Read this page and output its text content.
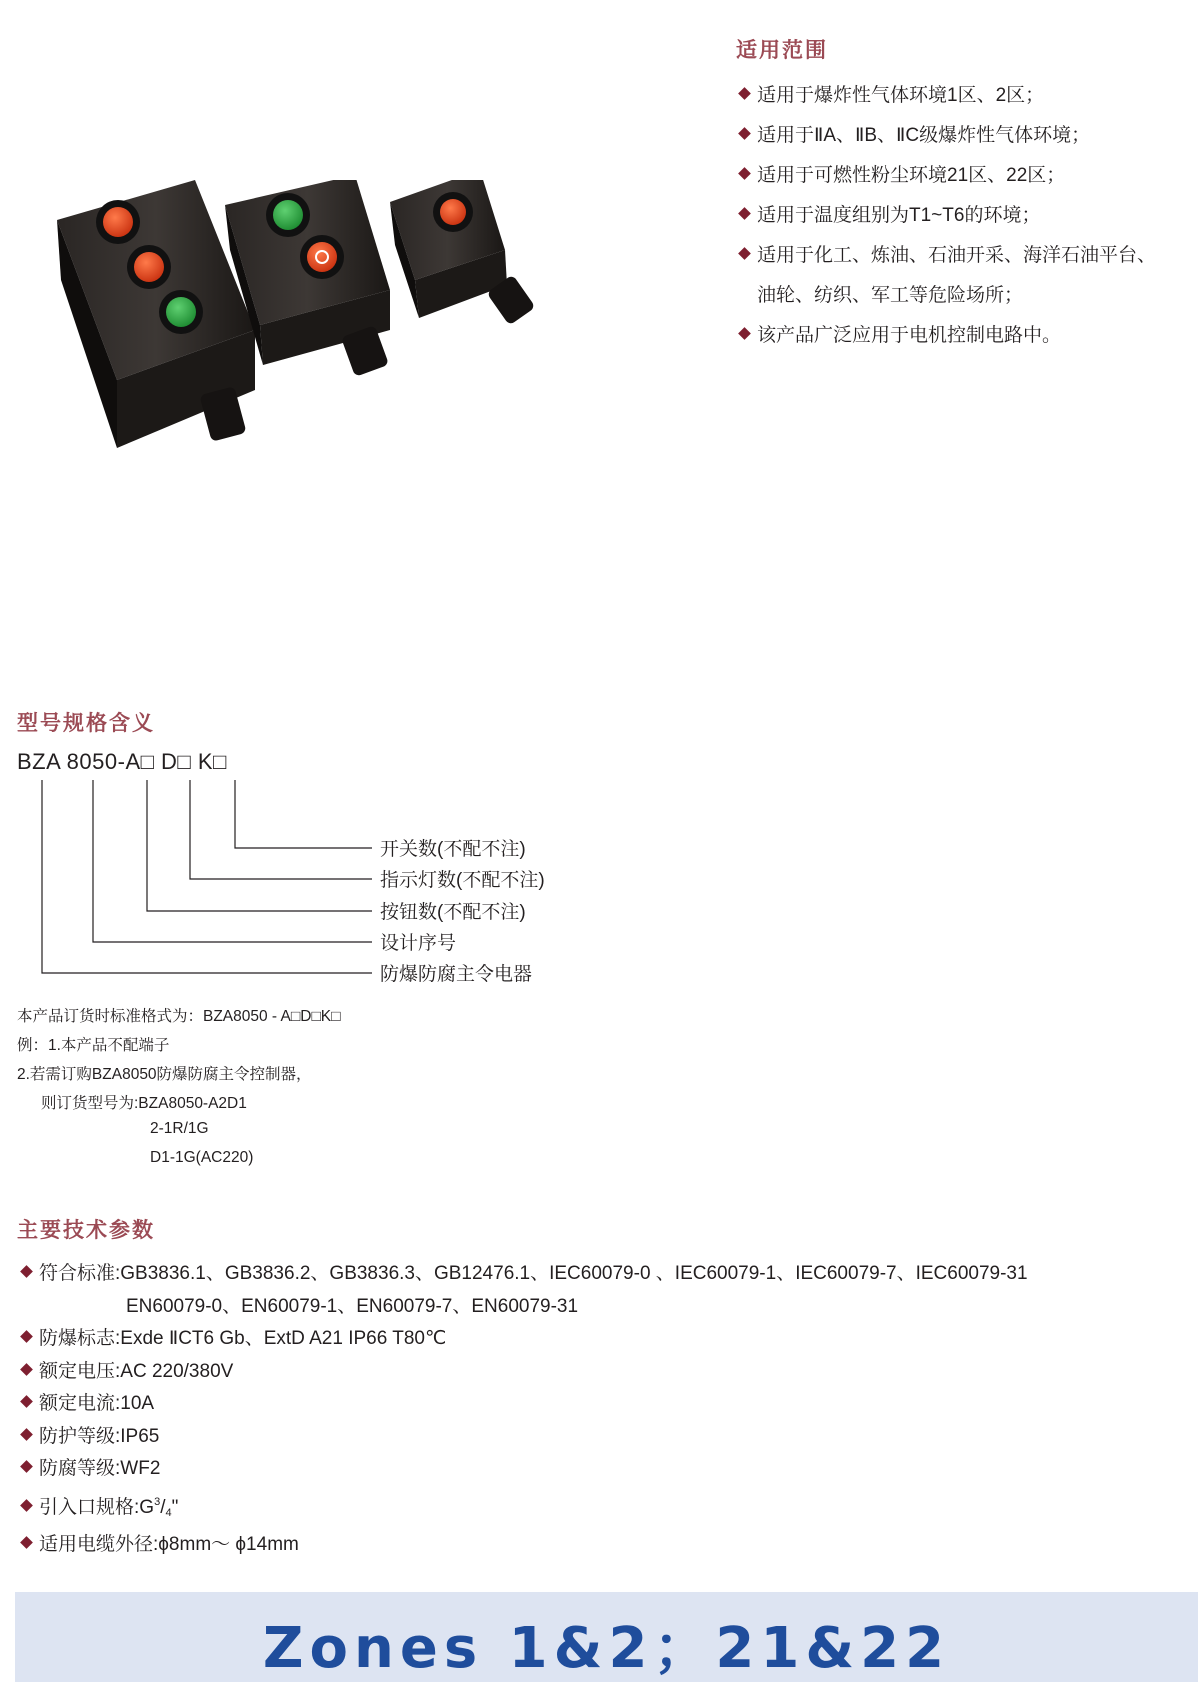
适用范围
适用于爆炸性气体环境1区、2区；
适用于ⅡA、ⅡB、ⅡC级爆炸性气体环境；
适用于可燃性粉尘环境21区、22区；
适用于温度组别为T1~T6的环境；
适用于化工、炼油、石油开采、海洋石油平台、
油轮、纺织、军工等危险场所；
该产品广泛应用于电机控制电路中。
型号规格含义
BZA 8050-A□ D□ K□
开关数(不配不注)
指示灯数(不配不注)
按钮数(不配不注)
设计序号
防爆防腐主令电器
本产品订货时标准格式为：BZA8050 - A□D□K□
例：1.本产品不配端子
2.若需订购BZA8050防爆防腐主令控制器，
则订货型号为:BZA8050-A2D1
2-1R/1G
D1-1G(AC220)
主要技术参数
符合标准:GB3836.1、GB3836.2、GB3836.3、GB12476.1、IEC60079-0 、IEC60079-1、IEC60079-7、IEC60079-31
EN60079-0、EN60079-1、EN60079-7、EN60079-31
防爆标志:Exde ⅡCT6 Gb、ExtD A21 IP66 T80℃
额定电压:AC 220/380V
额定电流:10A
防护等级:IP65
防腐等级:WF2
引入口规格$:G^3/_4$"
适用电缆外径:ϕ8mm～ ϕ14mm
Zones 1&2；21&22
